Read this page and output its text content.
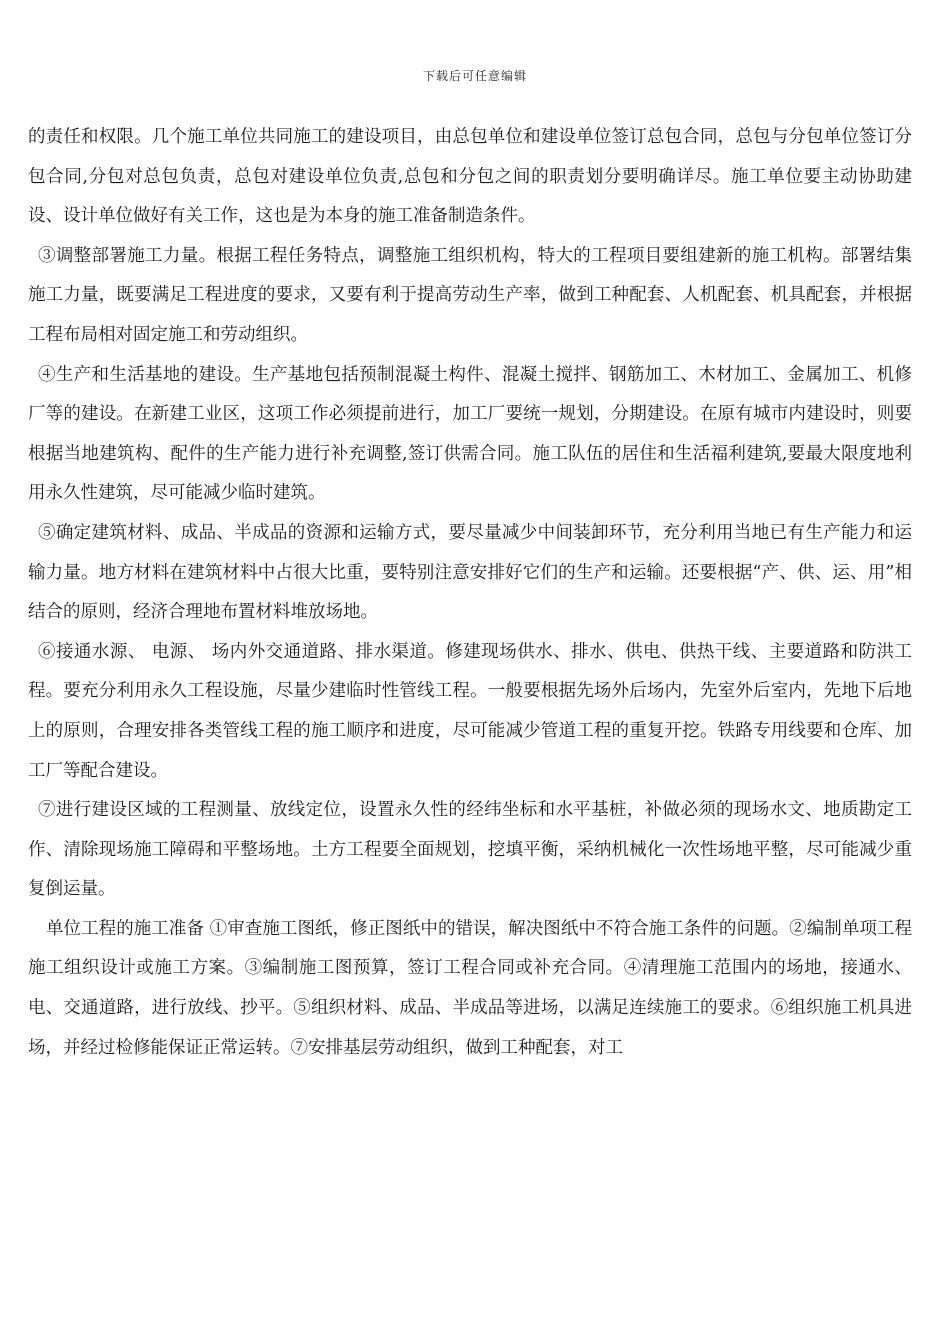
下载后可任意编辑

的责任和权限。几个施工单位共同施工的建设项目，由总包单位和建设单位签订总包合同，总包与分包单位签订分包合同,分包对总包负责，总包对建设单位负责,总包和分包之间的职责划分要明确详尽。施工单位要主动协助建设、设计单位做好有关工作，这也是为本身的施工准备制造条件。

③调整部署施工力量。根据工程任务特点，调整施工组织机构，特大的工程项目要组建新的施工机构。部署结集施工力量，既要满足工程进度的要求，又要有利于提高劳动生产率，做到工种配套、人机配套、机具配套，并根据工程布局相对固定施工和劳动组织。

④生产和生活基地的建设。生产基地包括预制混凝土构件、混凝土搅拌、钢筋加工、木材加工、金属加工、机修厂等的建设。在新建工业区，这项工作必须提前进行，加工厂要统一规划，分期建设。在原有城市内建设时，则要根据当地建筑构、配件的生产能力进行补充调整,签订供需合同。施工队伍的居住和生活福利建筑,要最大限度地利用永久性建筑，尽可能减少临时建筑。

⑤确定建筑材料、成品、半成品的资源和运输方式，要尽量减少中间装卸环节，充分利用当地已有生产能力和运输力量。地方材料在建筑材料中占很大比重，要特别注意安排好它们的生产和运输。还要根据“产、供、运、用”相结合的原则，经济合理地布置材料堆放场地。

⑥接通水源、 电源、 场内外交通道路、排水渠道。修建现场供水、排水、供电、供热干线、主要道路和防洪工程。要充分利用永久工程设施，尽量少建临时性管线工程。一般要根据先场外后场内，先室外后室内，先地下后地上的原则，合理安排各类管线工程的施工顺序和进度，尽可能减少管道工程的重复开挖。铁路专用线要和仓库、加工厂等配合建设。

⑦进行建设区域的工程测量、放线定位，设置永久性的经纬坐标和水平基桩，补做必须的现场水文、地质勘定工作、清除现场施工障碍和平整场地。土方工程要全面规划，挖填平衡，采纳机械化一次性场地平整，尽可能减少重复倒运量。

单位工程的施工准备 ①审查施工图纸，修正图纸中的错误，解决图纸中不符合施工条件的问题。②编制单项工程施工组织设计或施工方案。③编制施工图预算，签订工程合同或补充合同。④清理施工范围内的场地，接通水、电、交通道路，进行放线、抄平。⑤组织材料、成品、半成品等进场，以满足连续施工的要求。⑥组织施工机具进场，并经过检修能保证正常运转。⑦安排基层劳动组织，做到工种配套，对工
